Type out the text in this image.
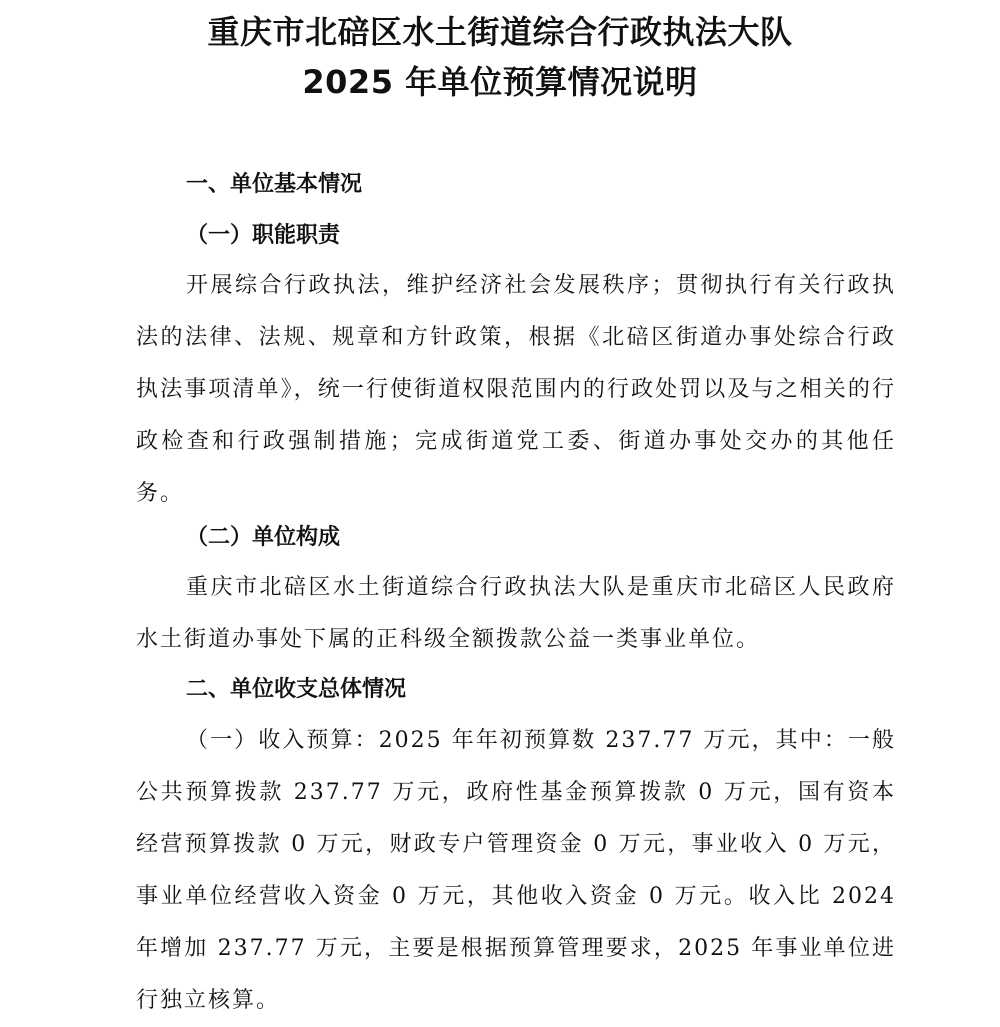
重庆市北碚区水土街道综合行政执法大队
2025 年单位预算情况说明
一、单位基本情况
（一）职能职责

开展综合行政执法，维护经济社会发展秩序；贯彻执行有关行政执法的法律、法规、规章和方针政策，根据《北碚区街道办事处综合行政执法事项清单》，统一行使街道权限范围内的行政处罚以及与之相关的行政检查和行政强制措施；完成街道党工委、街道办事处交办的其他任务。

（二）单位构成

重庆市北碚区水土街道综合行政执法大队是重庆市北碚区人民政府水土街道办事处下属的正科级全额拨款公益一类事业单位。

二、单位收支总体情况

（一）收入预算：2025 年年初预算数 237.77 万元，其中：一般公共预算拨款 237.77 万元，政府性基金预算拨款 0 万元，国有资本经营预算拨款 0 万元，财政专户管理资金 0 万元，事业收入 0 万元，事业单位经营收入资金 0 万元，其他收入资金 0 万元。收入比 2024 年增加 237.77 万元，主要是根据预算管理要求，2025 年事业单位进行独立核算。
